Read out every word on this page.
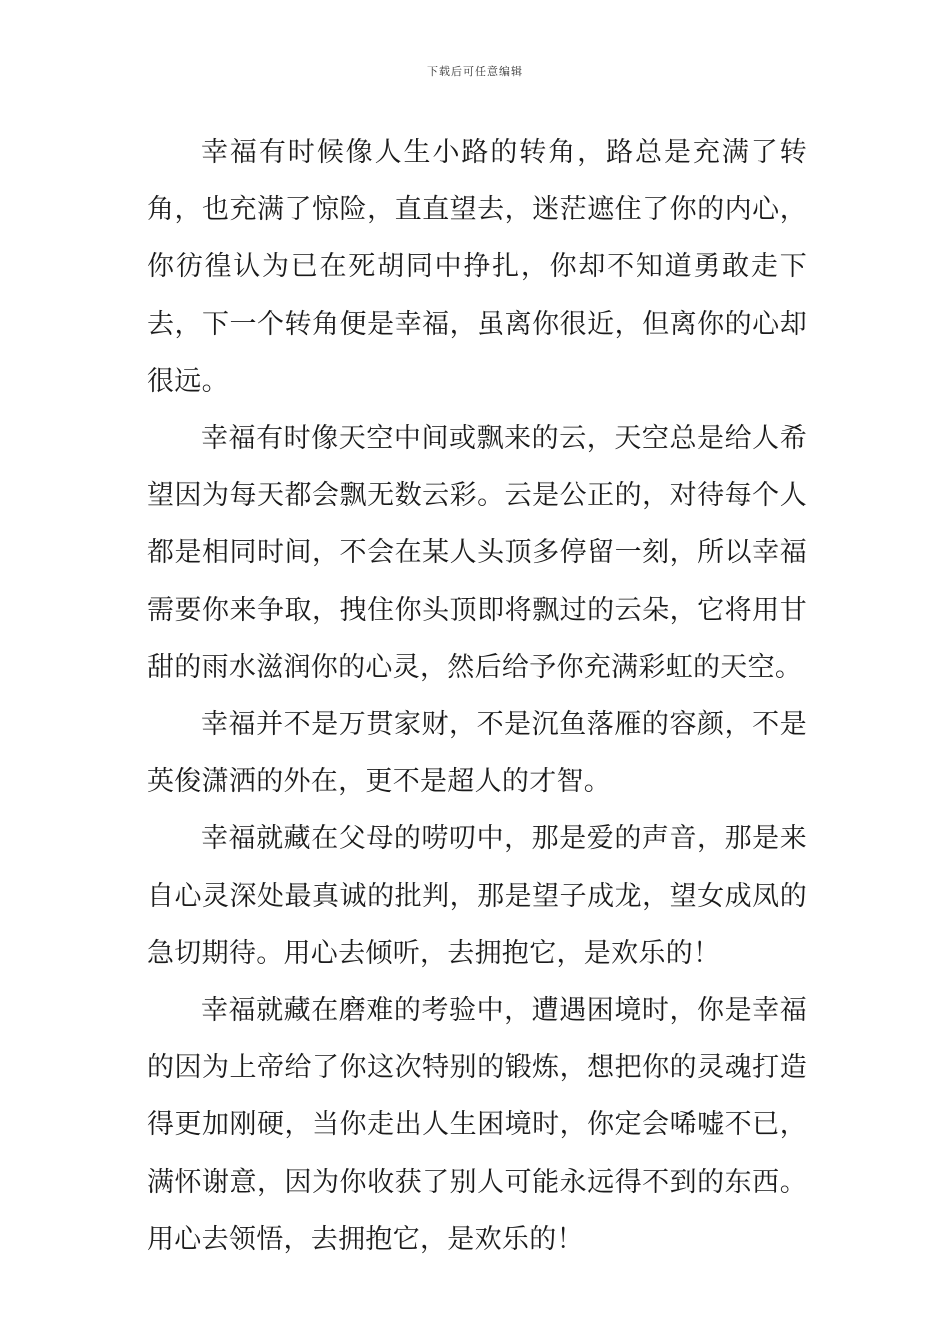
下载后可任意编辑

幸福有时候像人生小路的转角，路总是充满了转角，也充满了惊险，直直望去，迷茫遮住了你的内心，你彷徨认为已在死胡同中挣扎，你却不知道勇敢走下去，下一个转角便是幸福，虽离你很近，但离你的心却很远。

幸福有时像天空中间或飘来的云，天空总是给人希望因为每天都会飘无数云彩。云是公正的，对待每个人都是相同时间，不会在某人头顶多停留一刻，所以幸福需要你来争取，拽住你头顶即将飘过的云朵，它将用甘甜的雨水滋润你的心灵，然后给予你充满彩虹的天空。

幸福并不是万贯家财，不是沉鱼落雁的容颜，不是英俊潇洒的外在，更不是超人的才智。

幸福就藏在父母的唠叨中，那是爱的声音，那是来自心灵深处最真诚的批判，那是望子成龙，望女成凤的急切期待。用心去倾听，去拥抱它，是欢乐的！

幸福就藏在磨难的考验中，遭遇困境时，你是幸福的因为上帝给了你这次特别的锻炼，想把你的灵魂打造得更加刚硬，当你走出人生困境时，你定会唏嘘不已，满怀谢意，因为你收获了别人可能永远得不到的东西。用心去领悟，去拥抱它，是欢乐的！
